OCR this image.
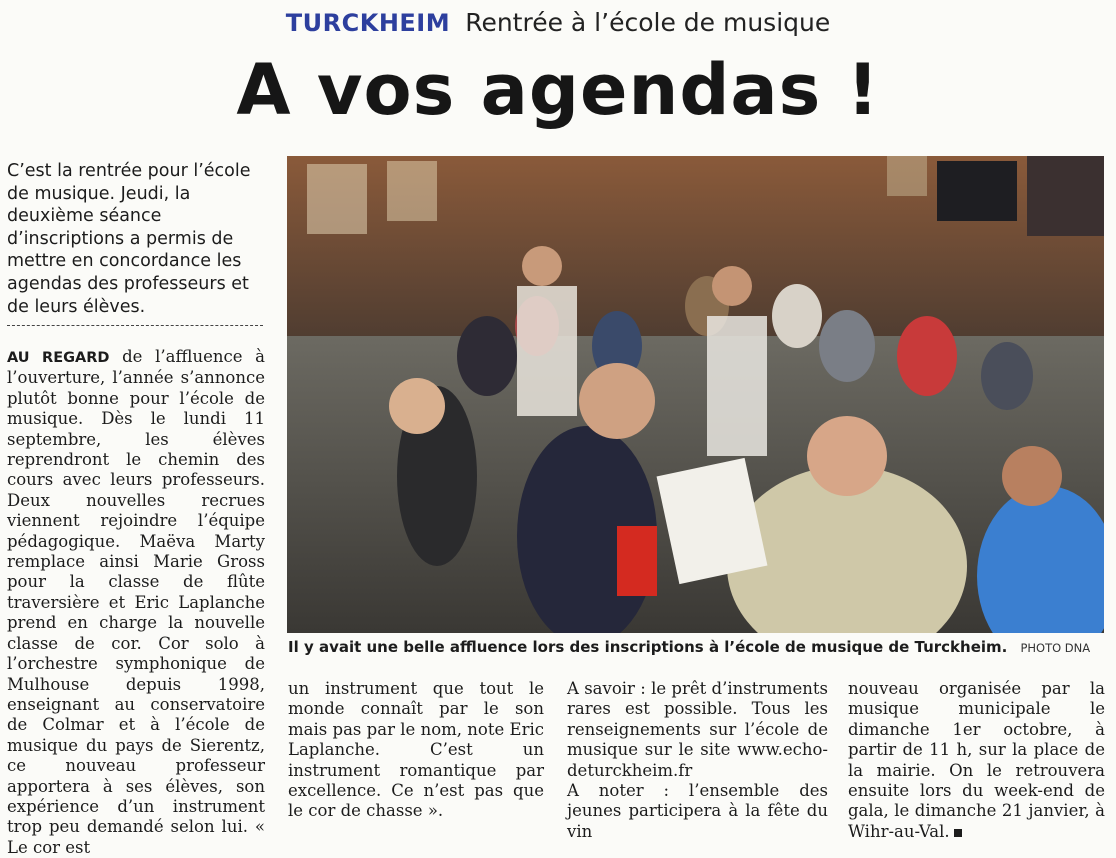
TURCKHEIM Rentrée à l’école de musique
A vos agendas !

C’est la rentrée pour l’école de musique. Jeudi, la deuxième séance d’inscriptions a permis de mettre en concordance les agendas des professeurs et de leurs élèves.

AU REGARD de l’affluence à l’ouverture, l’année s’annonce plutôt bonne pour l’école de musique. Dès le lundi 11 septembre, les élèves reprendront le chemin des cours avec leurs professeurs. Deux nouvelles recrues viennent rejoindre l’équipe pédagogique. Maëva Marty remplace ainsi Marie Gross pour la classe de flûte traversière et Eric Laplanche prend en charge la nouvelle classe de cor. Cor solo à l’orchestre symphonique de Mulhouse depuis 1998, enseignant au conservatoire de Colmar et à l’école de musique du pays de Sierentz, ce nouveau professeur apportera à ses élèves, son expérience d’un instrument trop peu demandé selon lui. « Le cor est

Il y avait une belle affluence lors des inscriptions à l’école de musique de Turckheim. PHOTO DNA

un instrument que tout le monde connaît par le son mais pas par le nom, note Eric Laplanche. C’est un instrument romantique par excellence. Ce n’est pas que le cor de chasse ».

A savoir : le prêt d’instruments rares est possible. Tous les renseignements sur l’école de musique sur le site www.echo-deturckheim.fr

A noter : l’ensemble des jeunes participera à la fête du vin

nouveau organisée par la musique municipale le dimanche 1er octobre, à partir de 11 h, sur la place de la mairie. On le retrouvera ensuite lors du week-end de gala, le dimanche 21 janvier, à Wihr-au-Val.
